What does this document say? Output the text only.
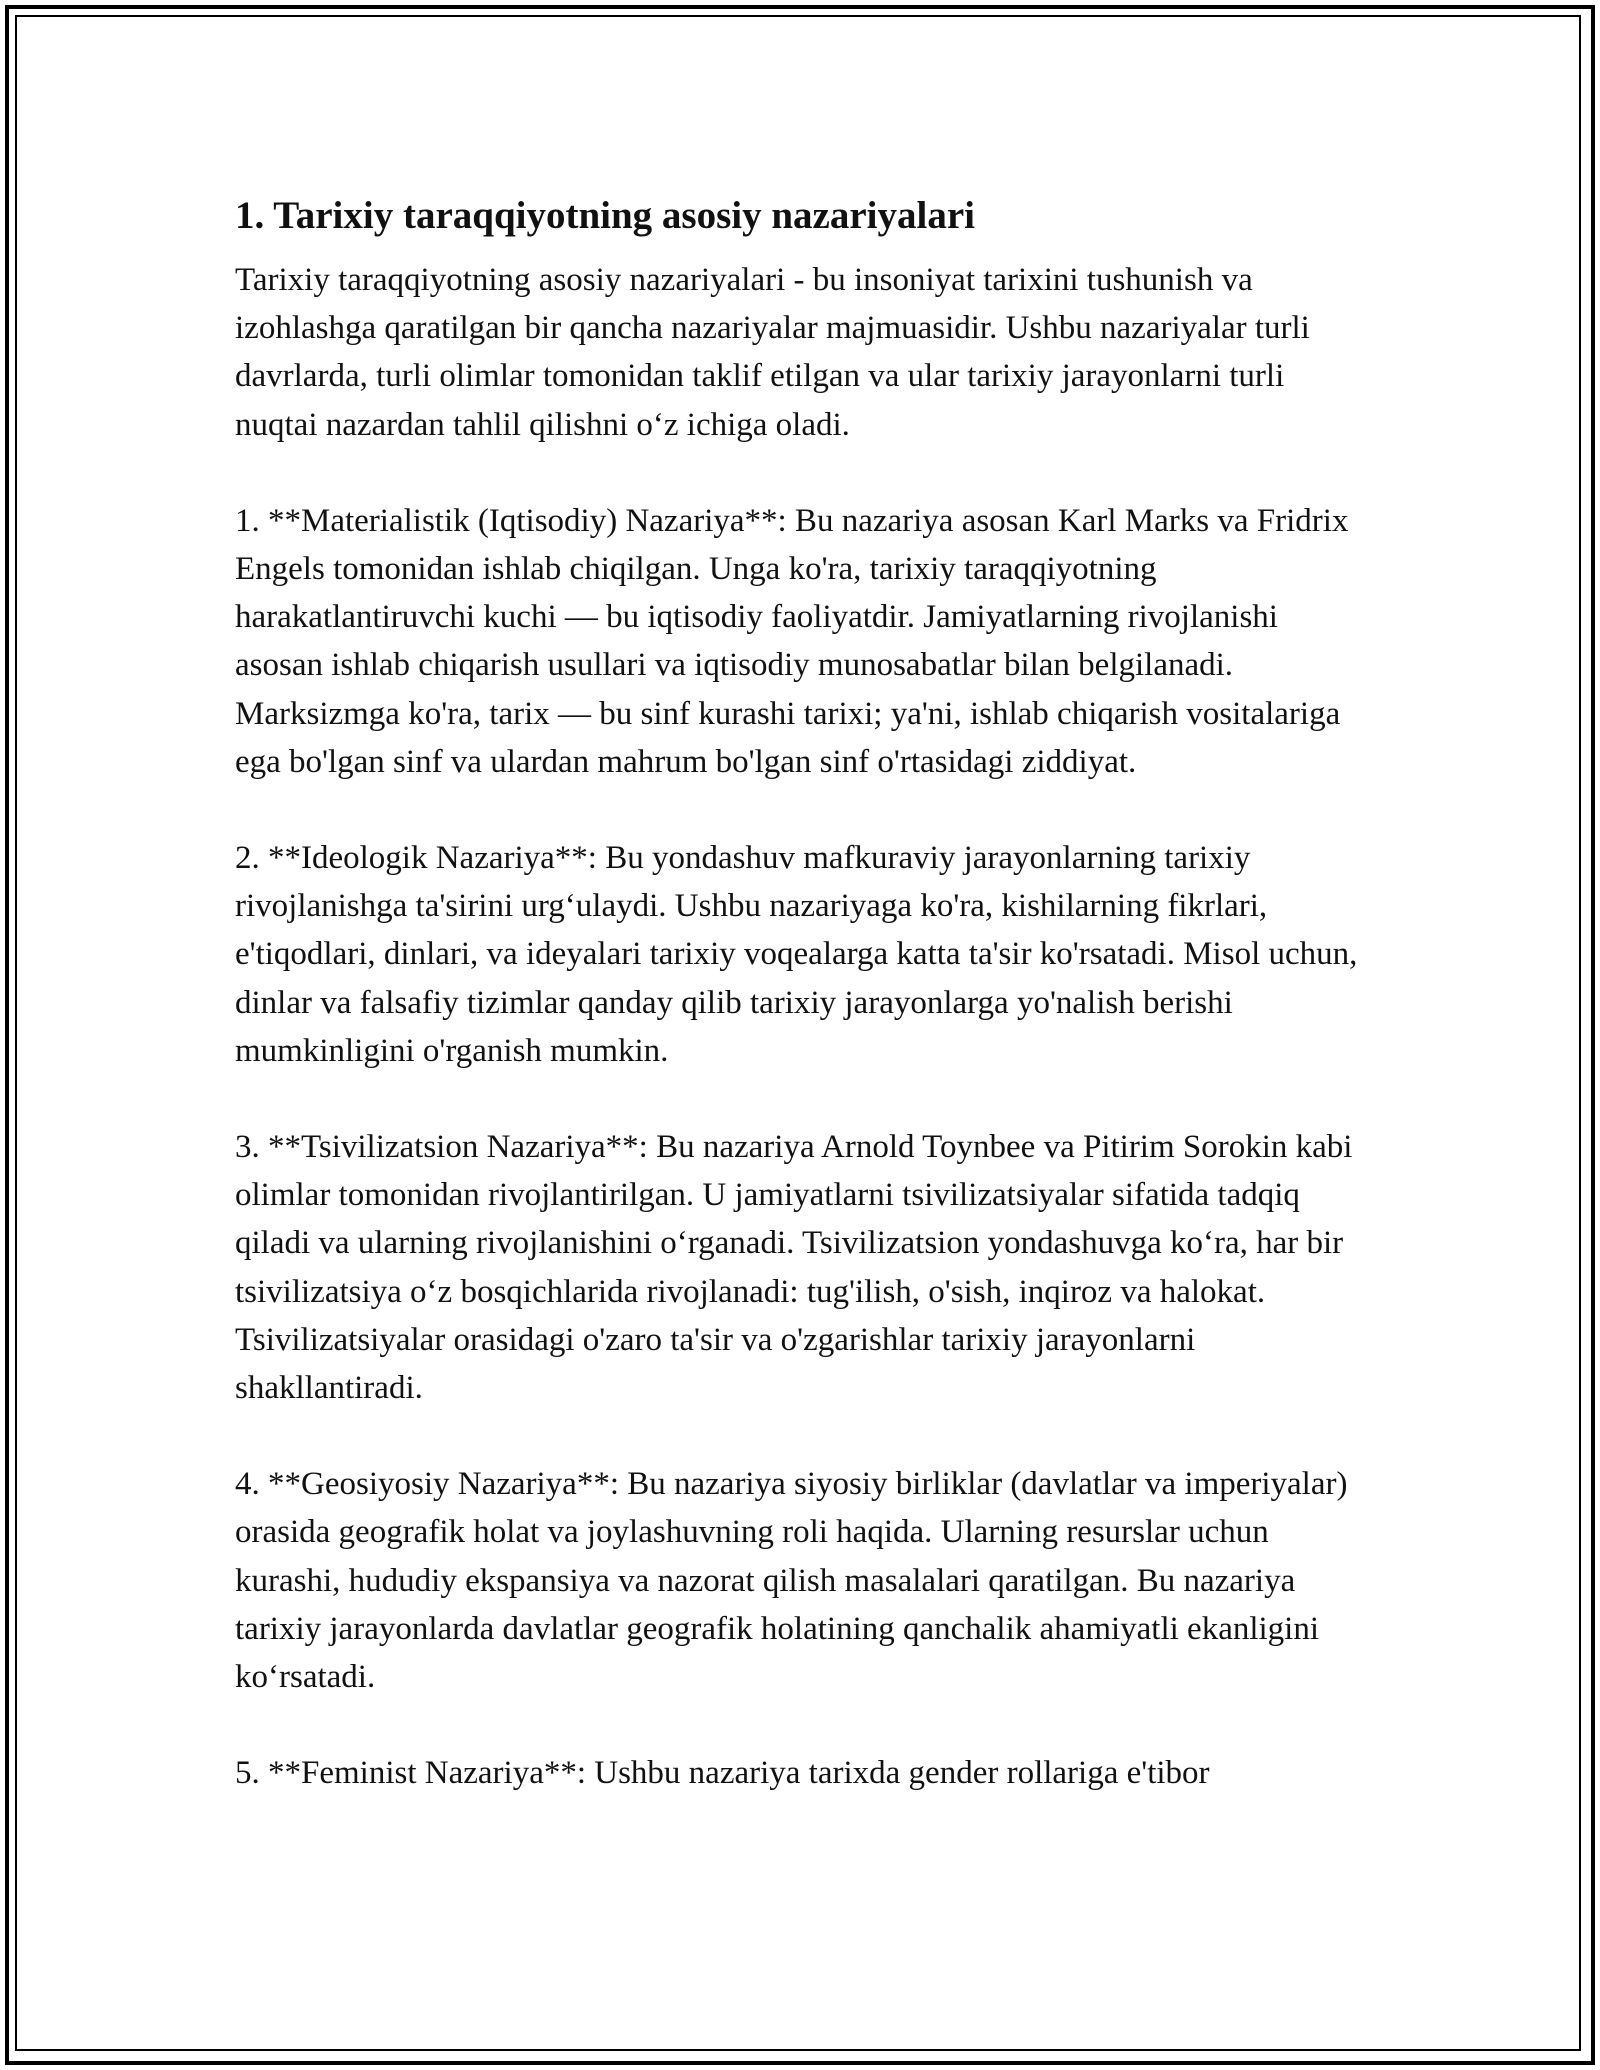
1. Tarixiy taraqqiyotning asosiy nazariyalari

Tarixiy taraqqiyotning asosiy nazariyalari - bu insoniyat tarixini tushunish va izohlashga qaratilgan bir qancha nazariyalar majmuasidir. Ushbu nazariyalar turli davrlarda, turli olimlar tomonidan taklif etilgan va ular tarixiy jarayonlarni turli nuqtai nazardan tahlil qilishni o‘z ichiga oladi.

1. **Materialistik (Iqtisodiy) Nazariya**: Bu nazariya asosan Karl Marks va Fridrix Engels tomonidan ishlab chiqilgan. Unga ko'ra, tarixiy taraqqiyotning harakatlantiruvchi kuchi — bu iqtisodiy faoliyatdir. Jamiyatlarning rivojlanishi asosan ishlab chiqarish usullari va iqtisodiy munosabatlar bilan belgilanadi. Marksizmga ko'ra, tarix — bu sinf kurashi tarixi; ya'ni, ishlab chiqarish vositalariga ega bo'lgan sinf va ulardan mahrum bo'lgan sinf o'rtasidagi ziddiyat.

2. **Ideologik Nazariya**: Bu yondashuv mafkuraviy jarayonlarning tarixiy rivojlanishga ta'sirini urg‘ulaydi. Ushbu nazariyaga ko'ra, kishilarning fikrlari, e'tiqodlari, dinlari, va ideyalari tarixiy voqealarga katta ta'sir ko'rsatadi. Misol uchun, dinlar va falsafiy tizimlar qanday qilib tarixiy jarayonlarga yo'nalish berishi mumkinligini o'rganish mumkin.

3. **Tsivilizatsion Nazariya**: Bu nazariya Arnold Toynbee va Pitirim Sorokin kabi olimlar tomonidan rivojlantirilgan. U jamiyatlarni tsivilizatsiyalar sifatida tadqiq qiladi va ularning rivojlanishini o‘rganadi. Tsivilizatsion yondashuvga ko‘ra, har bir tsivilizatsiya o‘z bosqichlarida rivojlanadi: tug'ilish, o'sish, inqiroz va halokat. Tsivilizatsiyalar orasidagi o'zaro ta'sir va o'zgarishlar tarixiy jarayonlarni shakllantiradi.

4. **Geosiyosiy Nazariya**: Bu nazariya siyosiy birliklar (davlatlar va imperiyalar) orasida geografik holat va joylashuvning roli haqida. Ularning resurslar uchun kurashi, hududiy ekspansiya va nazorat qilish masalalari qaratilgan. Bu nazariya tarixiy jarayonlarda davlatlar geografik holatining qanchalik ahamiyatli ekanligini ko‘rsatadi.

5. **Feminist Nazariya**: Ushbu nazariya tarixda gender rollariga e'tibor
